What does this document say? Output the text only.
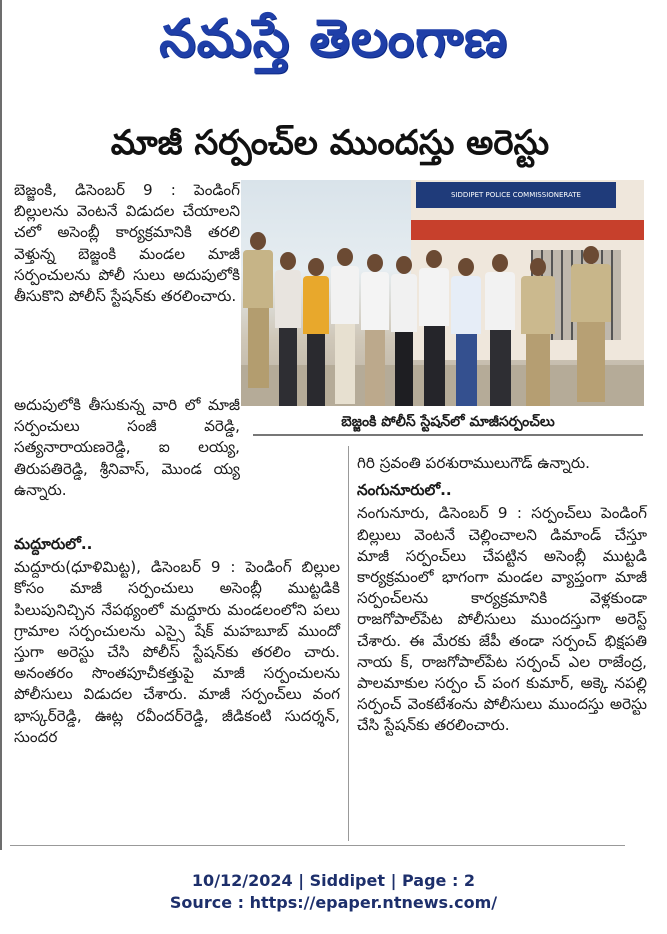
నమస్తే తెలంగాణ
మాజీ సర్పంచ్‌ల ముందస్తు అరెస్టు

బెజ్జంకి, డిసెంబర్ 9 : పెండింగ్ బిల్లులను వెంటనే విడుదల చేయాలని చలో అసెంబ్లీ కార్యక్రమానికి తరలి వెళ్తున్న బెజ్జంకి మండల మాజీ సర్పంచులను పోలీ సులు అదుపులోకి తీసుకొని పోలీస్ స్టేషన్‌కు తరలించారు.

SIDDIPET POLICE COMMISSIONERATE
బెజ్జంకి పోలీస్ స్టేషన్‌లో మాజీసర్పంచ్‌లు

అదుపులోకి తీసుకున్న వారి లో మాజీ సర్పంచులు సంజీ వరెడ్డి, సత్యనారాయణరెడ్డి, ఐ లయ్య, తిరుపతిరెడ్డి, శ్రీనివాస్, మొండ య్య ఉన్నారు.

మద్దూరులో..

మద్దూరు(ధూళిమిట్ట), డిసెంబర్ 9 : పెండింగ్ బిల్లుల కోసం మాజీ సర్పంచులు అసెంబ్లీ ముట్టడికి పిలుపునిచ్చిన నేపథ్యంలో మద్దూరు మండలంలోని పలు గ్రామాల సర్పంచులను ఎస్సై షేక్ మహబూబ్ ముందో స్తుగా అరెస్టు చేసి పోలీస్ స్టేషన్‌కు తరలిం చారు. అనంతరం సొంతపూచీకత్తుపై మాజీ సర్పంచులను పోలీసులు విడుదల చేశారు. మాజీ సర్పంచ్‌లు వంగ భాస్కర్‌రెడ్డి, ఊట్ల రవీందర్‌రెడ్డి, జీడికంటి సుదర్శన్, సుందర

గిరి స్రవంతి పరశురాములుగౌడ్ ఉన్నారు.

నంగునూరులో..

నంగునూరు, డిసెంబర్ 9 : సర్పంచ్‌లు పెండింగ్ బిల్లులు వెంటనే చెల్లించాలని డిమాండ్ చేస్తూ మాజీ సర్పంచ్‌లు చేపట్టిన అసెంబ్లీ ముట్టడి కార్యక్రమంలో భాగంగా మండల వ్యాప్తంగా మాజీ సర్పంచ్‌లను కార్యక్రమానికి వెళ్లకుండా రాజగోపాల్‌పేట పోలీసులు ముందస్తుగా అరెస్ట్ చేశారు. ఈ మేరకు జేపీ తండా సర్పంచ్ భిక్షపతి నాయ క్, రాజగోపాల్‌పేట సర్పంచ్ ఎల రాజేంద్ర, పాలమాకుల సర్పం చ్ పంగ కుమార్, అక్కె నపల్లి సర్పంచ్ వెంకటేశంను పోలీసులు ముందస్తు అరెస్టు చేసి స్టేషన్‌కు తరలించారు.

10/12/2024 | Siddipet | Page : 2
Source : https://epaper.ntnews.com/
